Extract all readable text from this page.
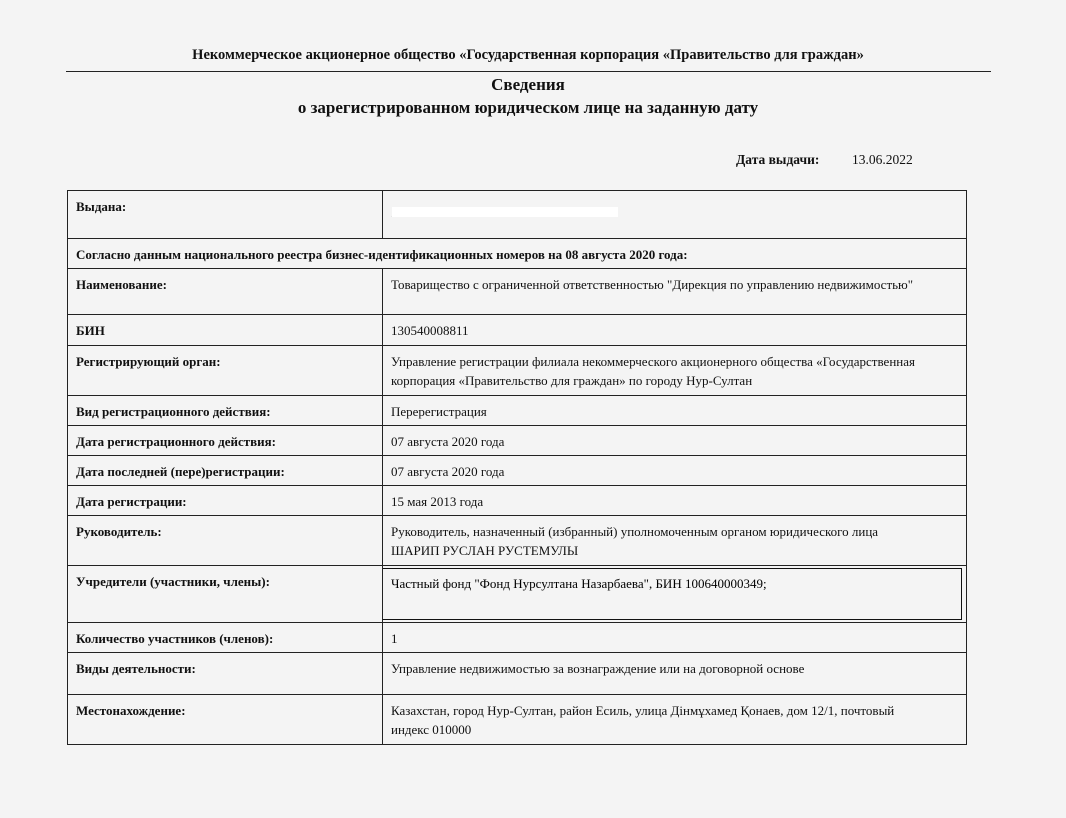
Некоммерческое акционерное общество «Государственная корпорация «Правительство для граждан»
Сведения
о зарегистрированном юридическом лице на заданную дату
Дата выдачи: 13.06.2022
Выдана:	
Согласно данным национального реестра бизнес-идентификационных номеров на 08 августа 2020 года:	
Наименование:	Товарищество с ограниченной ответственностью "Дирекция по управлению недвижимостью"

БИН	130540008811

Регистрирующий орган:	Управление регистрации филиала некоммерческого акционерного общества «Государственная
корпорация «Правительство для граждан» по городу Нур-Султан

Вид регистрационного действия:	Перерегистрация

Дата регистрационного действия:	07 августа 2020 года

Дата последней (пере)регистрации:	07 августа 2020 года

Дата регистрации:	15 мая 2013 года

Руководитель:	Руководитель, назначенный (избранный) уполномоченным органом юридического лица
ШАРИП РУСЛАН РУСТЕМУЛЫ

Учредители (участники, члены):	Частный фонд "Фонд Нурсултана Назарбаева", БИН 100640000349;

Количество участников (членов):	1

Виды деятельности:	Управление недвижимостью за вознаграждение или на договорной основе

Местонахождение:	Казахстан, город Нур-Султан, район Есиль, улица Дінмұхамед Қонаев, дом 12/1, почтовый
индекс 010000
